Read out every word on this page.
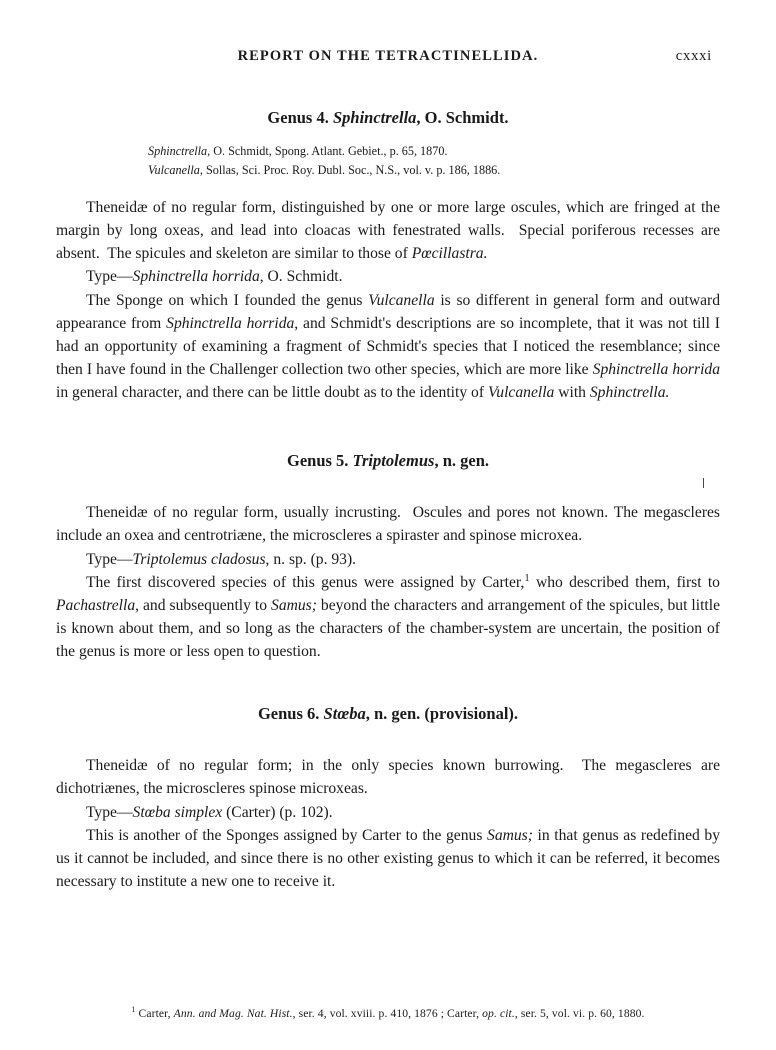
REPORT ON THE TETRACTINELLIDA.	cxxxi
Genus 4. Sphinctrella, O. Schmidt.
Sphinctrella, O. Schmidt, Spong. Atlant. Gebiet., p. 65, 1870.
Vulcanella, Sollas, Sci. Proc. Roy. Dubl. Soc., N.S., vol. v. p. 186, 1886.

Theneidæ of no regular form, distinguished by one or more large oscules, which are fringed at the margin by long oxeas, and lead into cloacas with fenestrated walls.  Special poriferous recesses are absent.  The spicules and skeleton are similar to those of Pœcillastra.

Type—Sphinctrella horrida, O. Schmidt.

The Sponge on which I founded the genus Vulcanella is so different in general form and outward appearance from Sphinctrella horrida, and Schmidt's descriptions are so incomplete, that it was not till I had an opportunity of examining a fragment of Schmidt's species that I noticed the resemblance; since then I have found in the Challenger collection two other species, which are more like Sphinctrella horrida in general character, and there can be little doubt as to the identity of Vulcanella with Sphinctrella.

Genus 5. Triptolemus, n. gen.

Theneidæ of no regular form, usually incrusting.  Oscules and pores not known. The megascleres include an oxea and centrotriæne, the microscleres a spiraster and spinose microxea.

Type—Triptolemus cladosus, n. sp. (p. 93).

The first discovered species of this genus were assigned by Carter,$^1$ who described them, first to Pachastrella, and subsequently to Samus; beyond the characters and arrangement of the spicules, but little is known about them, and so long as the characters of the chamber-system are uncertain, the position of the genus is more or less open to question.

Genus 6. Stœba, n. gen. (provisional).

Theneidæ of no regular form; in the only species known burrowing.  The megascleres are dichotriænes, the microscleres spinose microxeas.

Type—Stœba simplex (Carter) (p. 102).

This is another of the Sponges assigned by Carter to the genus Samus; in that genus as redefined by us it cannot be included, and since there is no other existing genus to which it can be referred, it becomes necessary to institute a new one to receive it.

$^1$ Carter, Ann. and Mag. Nat. Hist., ser. 4, vol. xviii. p. 410, 1876 ; Carter, op. cit., ser. 5, vol. vi. p. 60, 1880.
